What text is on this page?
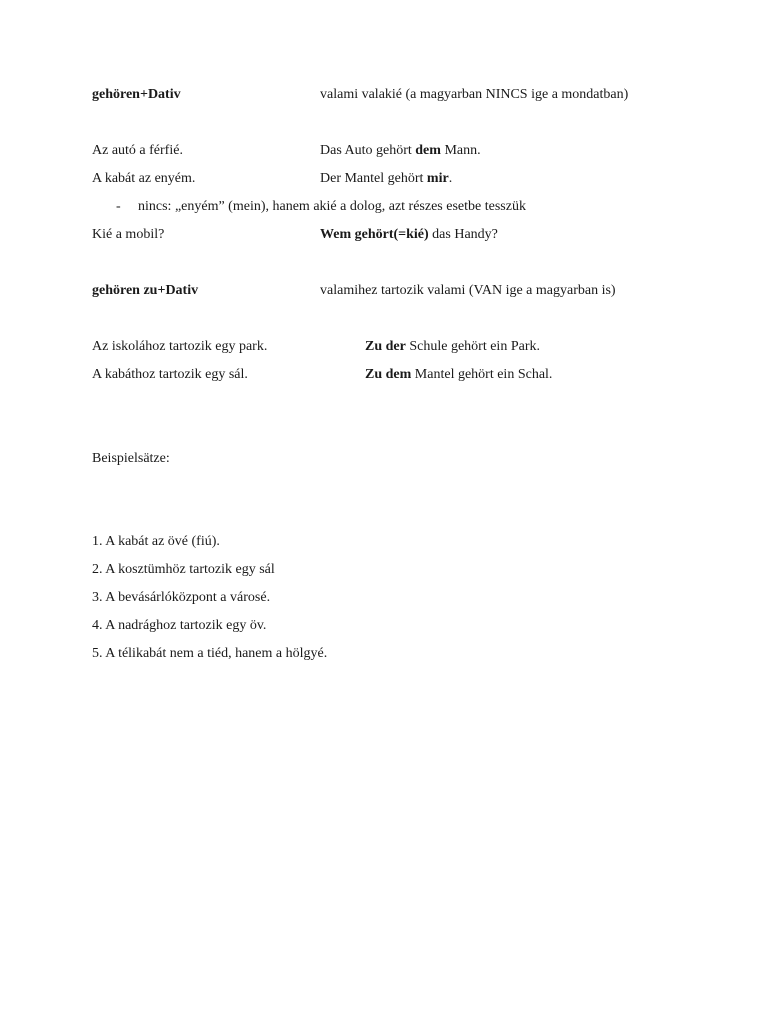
gehören+Dativ	valami valakié (a magyarban NINCS ige a mondatban)
Az autó a férfié.	Das Auto gehört dem Mann.
A kabát az enyém.	Der Mantel gehört mir.
- nincs: „enyém” (mein), hanem akié a dolog, azt részes esetbe tesszük
Kié a mobil?	Wem gehört(=kié) das Handy?
gehören zu+Dativ	valamihez tartozik valami (VAN ige a magyarban is)
Az iskolához tartozik egy park.	Zu der Schule gehört ein Park.
A kabáthoz tartozik egy sál.	Zu dem Mantel gehört ein Schal.
Beispielsätze:
1. A kabát az övé (fiú).
2. A kosztümhöz tartozik egy sál
3. A bevásárlóközpont a városé.
4. A nadrághoz tartozik egy öv.
5. A télikabát nem a tiéd, hanem a hölgyé.
